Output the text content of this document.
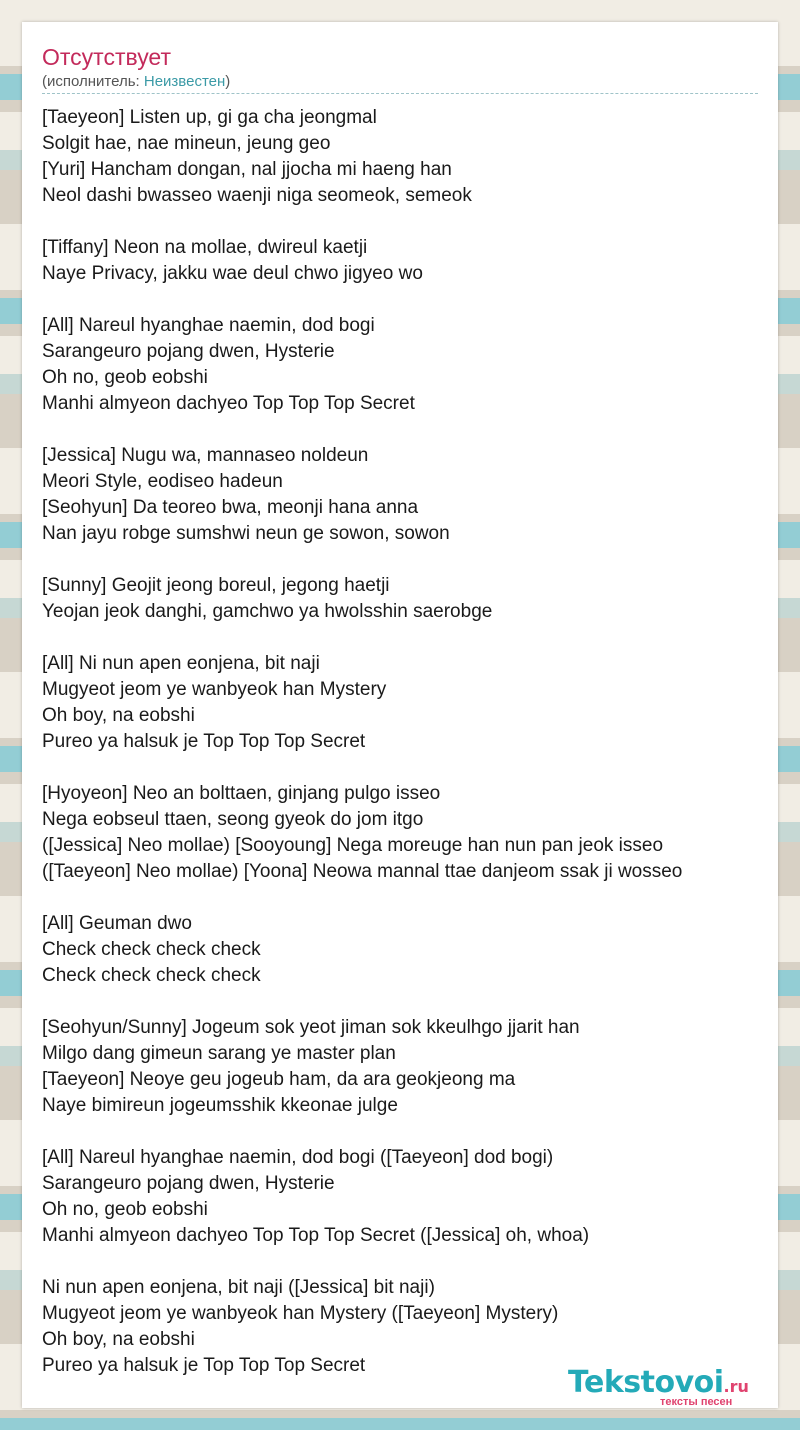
Отсутствует
(исполнитель: Неизвестен)
[Taeyeon] Listen up, gi ga cha jeongmal
Solgit hae, nae mineun, jeung geo
[Yuri] Hancham dongan, nal jjocha mi haeng han
Neol dashi bwasseo waenji niga seomeok, semeok
[Tiffany] Neon na mollae, dwireul kaetji
Naye Privacy, jakku wae deul chwo jigyeo wo
[All] Nareul hyanghae naemin, dod bogi
Sarangeuro pojang dwen, Hysterie
Oh no, geob eobshi
Manhi almyeon dachyeo Top Top Top Secret
[Jessica] Nugu wa, mannaseo noldeun
Meori Style, eodiseo hadeun
[Seohyun] Da teoreo bwa, meonji hana anna
Nan jayu robge sumshwi neun ge sowon, sowon
[Sunny] Geojit jeong boreul, jegong haetji
Yeojan jeok danghi, gamchwo ya hwolsshin saerobge
[All] Ni nun apen eonjena, bit naji
Mugyeot jeom ye wanbyeok han Mystery
Oh boy, na eobshi
Pureo ya halsuk je Top Top Top Secret
[Hyoyeon] Neo an bolttaen, ginjang pulgo isseo
Nega eobseul ttaen, seong gyeok do jom itgo
([Jessica] Neo mollae) [Sooyoung] Nega moreuge han nun pan jeok isseo
([Taeyeon] Neo mollae) [Yoona] Neowa mannal ttae danjeom ssak ji wosseo
[All] Geuman dwo
Check check check check
Check check check check
[Seohyun/Sunny] Jogeum sok yeot jiman sok kkeulhgo jjarit han
Milgo dang gimeun sarang ye master plan
[Taeyeon] Neoye geu jogeub ham, da ara geokjeong ma
Naye bimireun jogeumsshik kkeonae julge
[All] Nareul hyanghae naemin, dod bogi ([Taeyeon] dod bogi)
Sarangeuro pojang dwen, Hysterie
Oh no, geob eobshi
Manhi almyeon dachyeo Top Top Top Secret ([Jessica] oh, whoa)
Ni nun apen eonjena, bit naji ([Jessica] bit naji)
Mugyeot jeom ye wanbyeok han Mystery ([Taeyeon] Mystery)
Oh boy, na eobshi
Pureo ya halsuk je Top Top Top Secret	Tekstovoi.ru
тексты песен
